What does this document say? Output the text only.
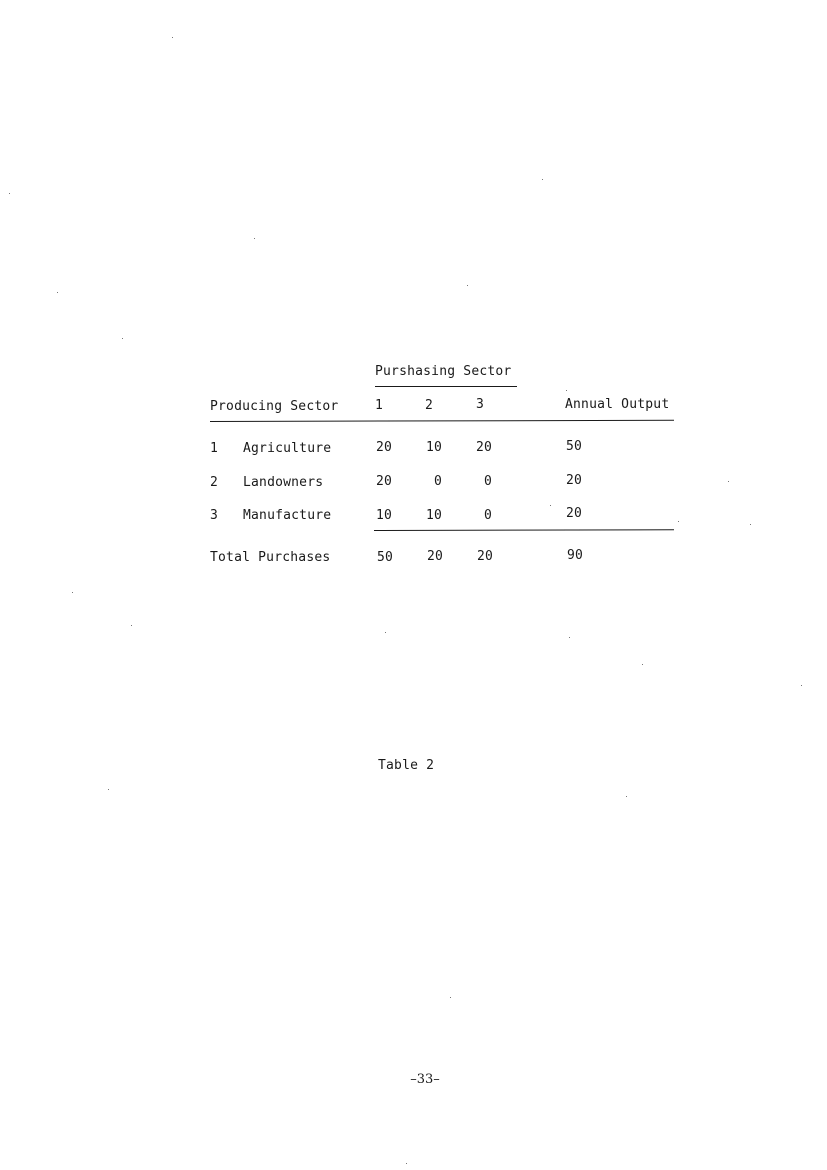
Purshasing Sector
Producing Sector	1	2	3	Annual Output
1 Agriculture	20	10	20	50
2 Landowners	20	0	0	20
3 Manufacture	10	10	0	20
Total Purchases	50	20	20	90
Table 2
–33–
